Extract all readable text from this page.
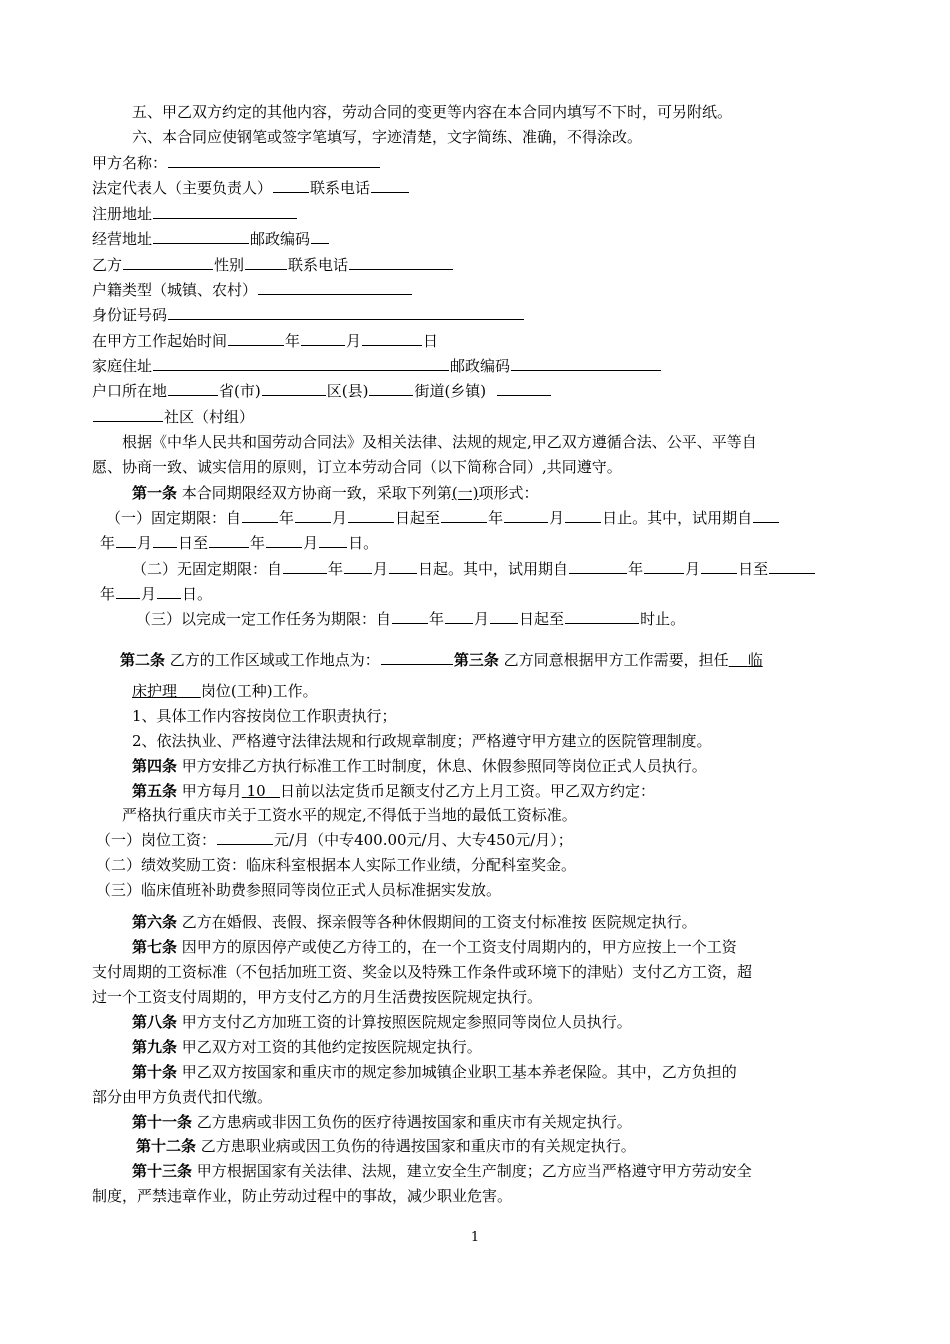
五、甲乙双方约定的其他内容，劳动合同的变更等内容在本合同内填写不下时，可另附纸。
六、本合同应使钢笔或签字笔填写，字迹清楚，文字简练、准确，不得涂改。
甲方名称：
法定代表人（主要负责人）	联系电话
注册地址
经营地址	邮政编码
乙方	性别	联系电话
户籍类型（城镇、农村）
身份证号码
在甲方工作起始时间	年	月	日
家庭住址	邮政编码
户口所在地	省(市)	区(县)	街道(乡镇)
社区（村组）
根据《中华人民共和国劳动合同法》及相关法律、法规的规定,甲乙双方遵循合法、公平、平等自
愿、协商一致、诚实信用的原则，订立本劳动合同（以下简称合同）,共同遵守。
第一条 本合同期限经双方协商一致，采取下列第(一)项形式：
（一）固定期限：自	年	月	日起至	年	月	日止。其中，试用期自
年 月 日至	年	月 日。
（二）无固定期限：自	年 月 日起。其中，试用期自	年	月	日至
年 月 日。
（三）以完成一定工作任务为期限：自	年 月 日起至	时止。
第二条 乙方的工作区域或工作地点为：	第三条 乙方同意根据甲方工作需要，担任 临
床护理 岗位(工种)工作。
1、具体工作内容按岗位工作职责执行；
2、依法执业、严格遵守法律法规和行政规章制度；严格遵守甲方建立的医院管理制度。
第四条 甲方安排乙方执行标准工作工时制度，休息、休假参照同等岗位正式人员执行。
第五条 甲方每月 10 日前以法定货币足额支付乙方上月工资。甲乙双方约定：
严格执行重庆市关于工资水平的规定,不得低于当地的最低工资标准。
（一）岗位工资：	元/月（中专400.00元/月、大专450元/月）；
（二）绩效奖励工资：临床科室根据本人实际工作业绩，分配科室奖金。
（三）临床值班补助费参照同等岗位正式人员标准据实发放。
第六条 乙方在婚假、丧假、探亲假等各种休假期间的工资支付标准按 医院规定执行。
第七条 因甲方的原因停产或使乙方待工的，在一个工资支付周期内的，甲方应按上一个工资
支付周期的工资标准（不包括加班工资、奖金以及特殊工作条件或环境下的津贴）支付乙方工资，超
过一个工资支付周期的，甲方支付乙方的月生活费按医院规定执行。
第八条 甲方支付乙方加班工资的计算按照医院规定参照同等岗位人员执行。
第九条 甲乙双方对工资的其他约定按医院规定执行。
第十条 甲乙双方按国家和重庆市的规定参加城镇企业职工基本养老保险。其中，乙方负担的
部分由甲方负责代扣代缴。
第十一条 乙方患病或非因工负伤的医疗待遇按国家和重庆市有关规定执行。
第十二条 乙方患职业病或因工负伤的待遇按国家和重庆市的有关规定执行。
第十三条 甲方根据国家有关法律、法规，建立安全生产制度；乙方应当严格遵守甲方劳动安全
制度，严禁违章作业，防止劳动过程中的事故，减少职业危害。
1
